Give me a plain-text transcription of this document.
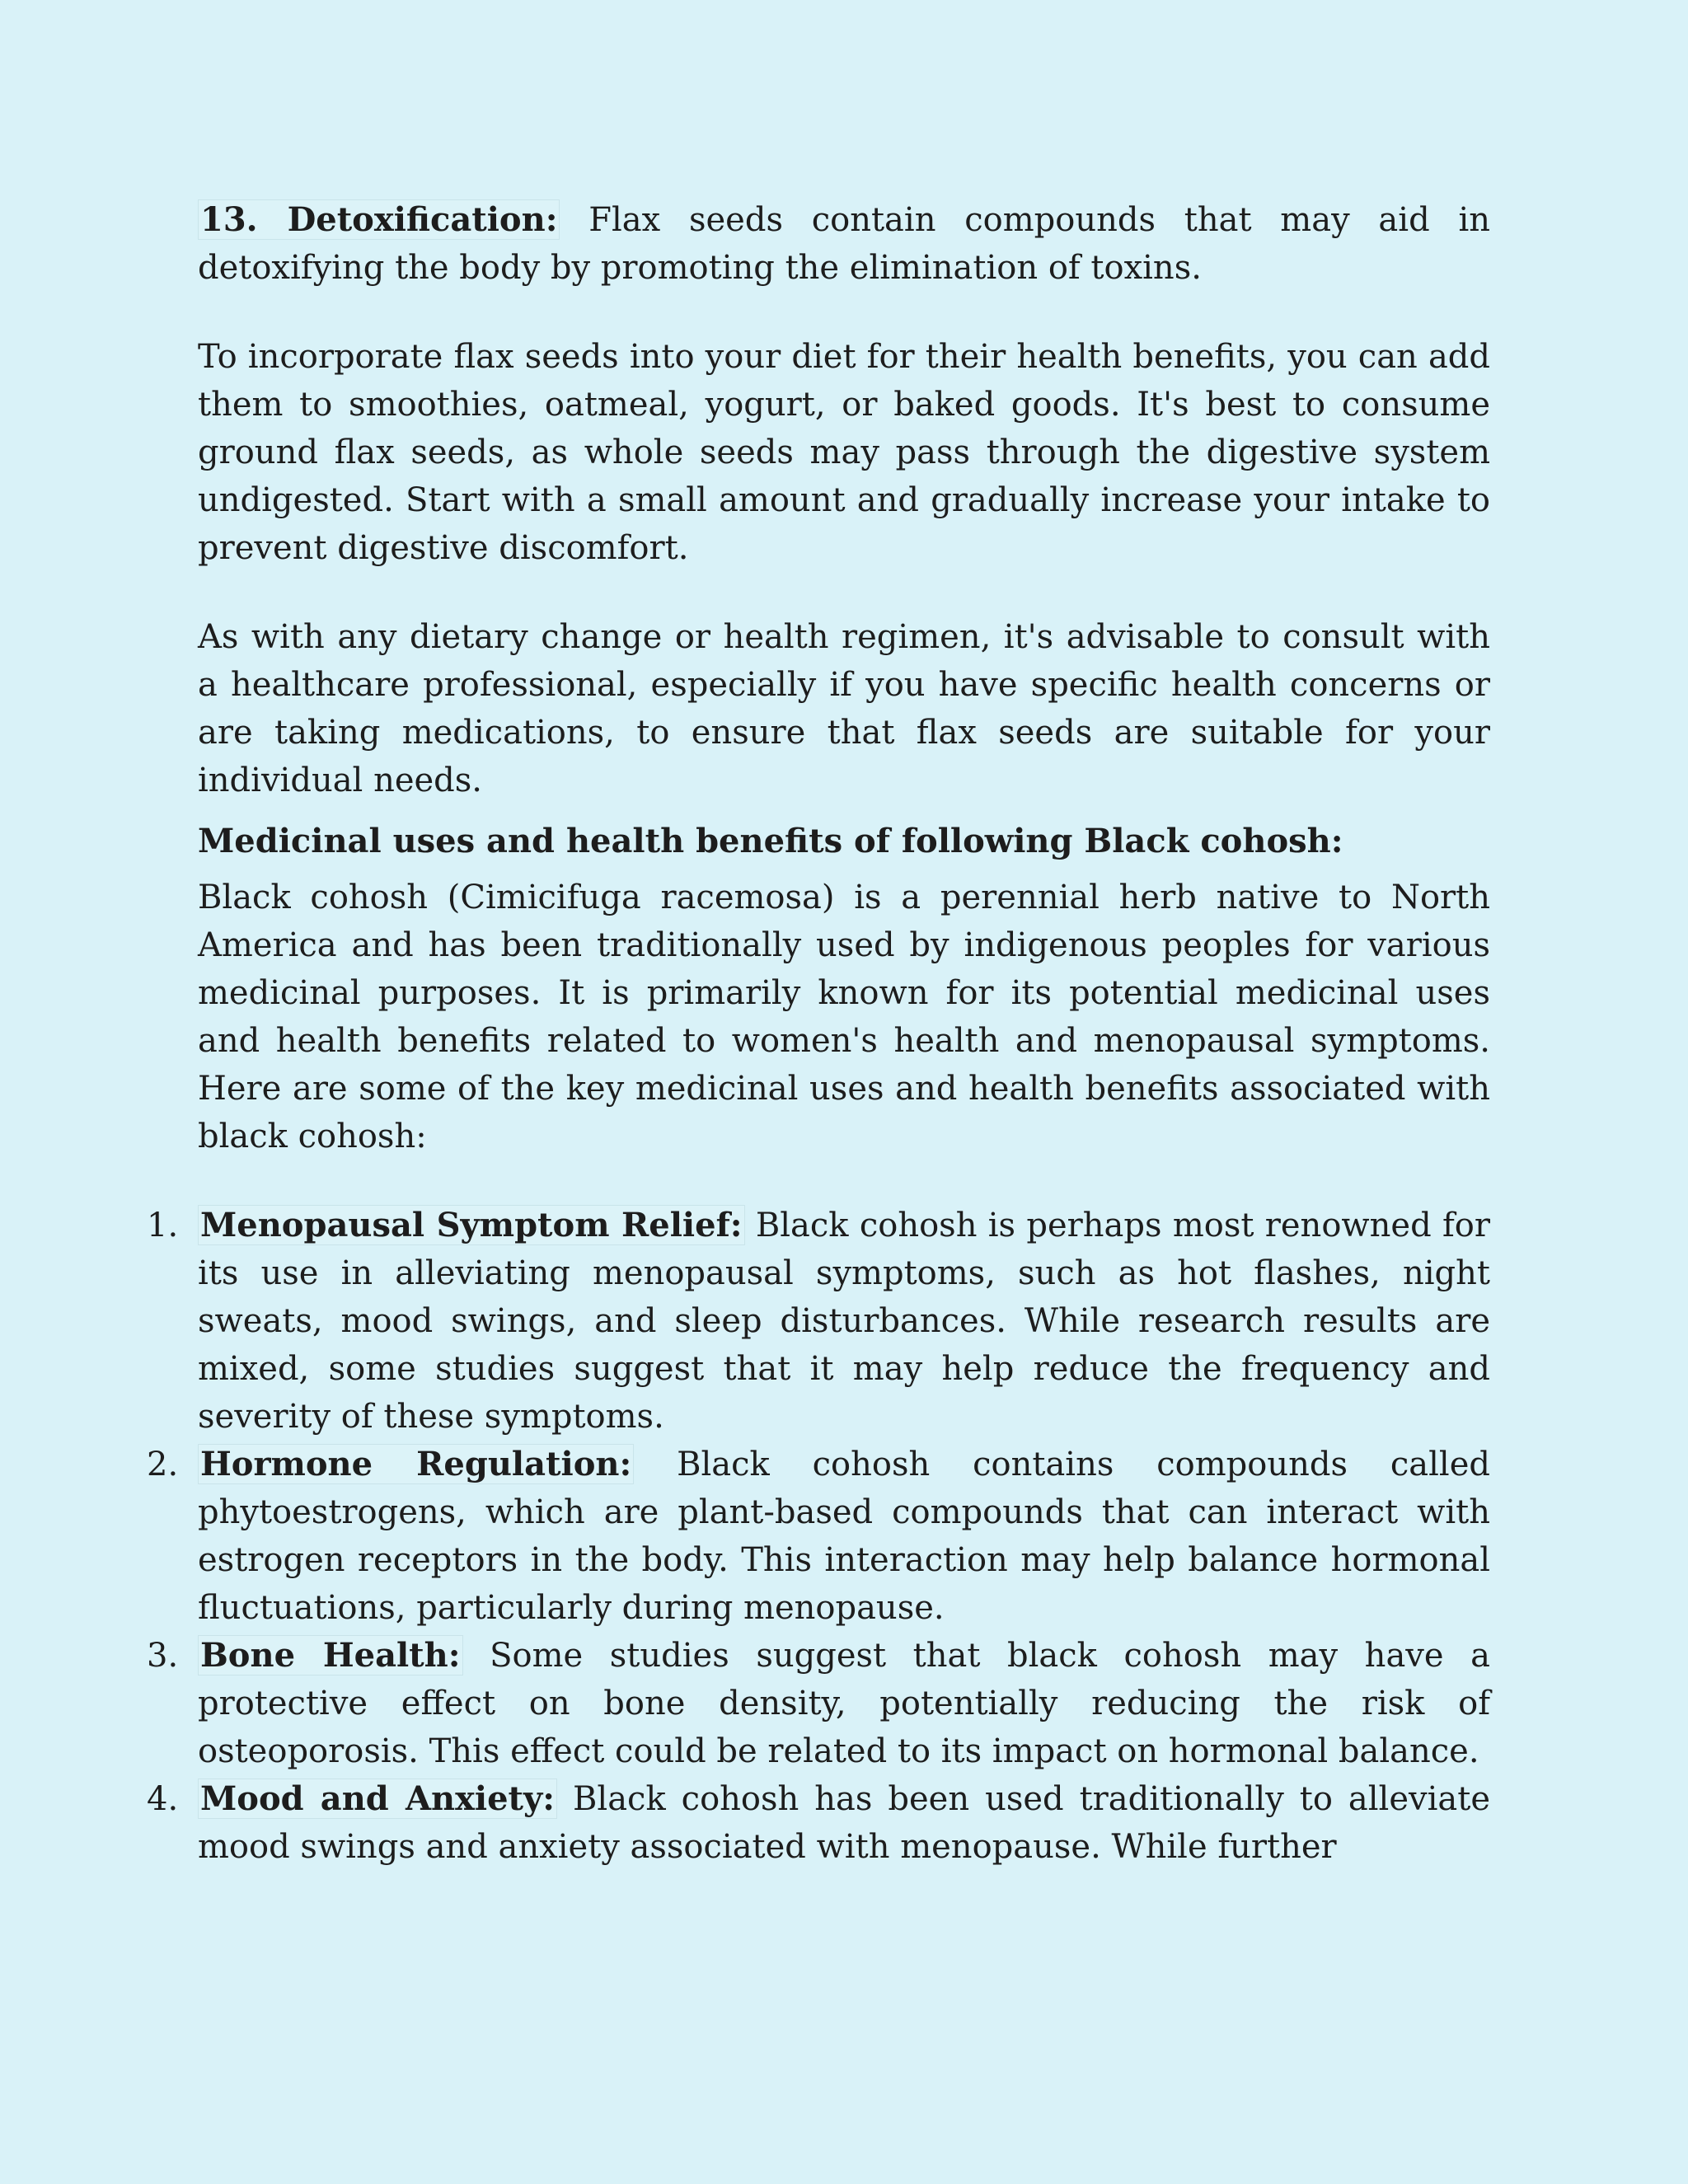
13. Detoxification: Flax seeds contain compounds that may aid in detoxifying the body by promoting the elimination of toxins.

To incorporate flax seeds into your diet for their health benefits, you can add them to smoothies, oatmeal, yogurt, or baked goods. It's best to consume ground flax seeds, as whole seeds may pass through the digestive system undigested. Start with a small amount and gradually increase your intake to prevent digestive discomfort.

As with any dietary change or health regimen, it's advisable to consult with a healthcare professional, especially if you have specific health concerns or are taking medications, to ensure that flax seeds are suitable for your individual needs.

Medicinal uses and health benefits of following Black cohosh:

Black cohosh (Cimicifuga racemosa) is a perennial herb native to North America and has been traditionally used by indigenous peoples for various medicinal purposes. It is primarily known for its potential medicinal uses and health benefits related to women's health and menopausal symptoms. Here are some of the key medicinal uses and health benefits associated with black cohosh:

1. Menopausal Symptom Relief: Black cohosh is perhaps most renowned for its use in alleviating menopausal symptoms, such as hot flashes, night sweats, mood swings, and sleep disturbances. While research results are mixed, some studies suggest that it may help reduce the frequency and severity of these symptoms.
2. Hormone Regulation: Black cohosh contains compounds called phytoestrogens, which are plant-based compounds that can interact with estrogen receptors in the body. This interaction may help balance hormonal fluctuations, particularly during menopause.
3. Bone Health: Some studies suggest that black cohosh may have a protective effect on bone density, potentially reducing the risk of osteoporosis. This effect could be related to its impact on hormonal balance.
4. Mood and Anxiety: Black cohosh has been used traditionally to alleviate mood swings and anxiety associated with menopause. While further
